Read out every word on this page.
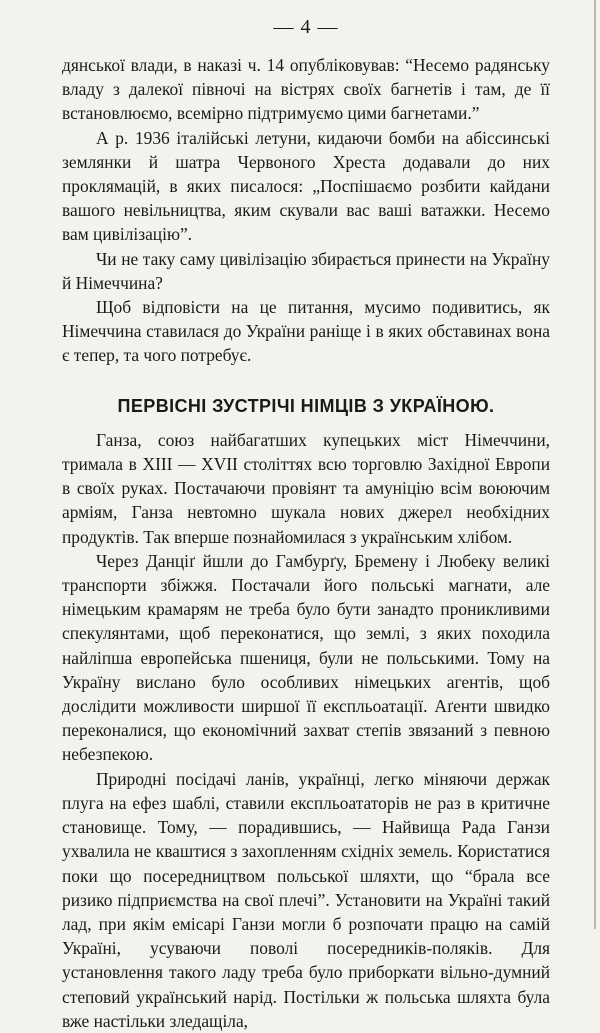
— 4 —

дянської влади, в наказі ч. 14 опубліковував: “Несемо радянську владу з далекої півночі на вістрях своїх багнетів і там, де її встановлюємо, всемірно підтримуємо цими багнетами.”

А р. 1936 італійські летуни, кидаючи бомби на абіссинські землянки й шатра Червоного Хреста додавали до них проклямацій, в яких писалося: „Поспішаємо розбити кайдани вашого невільництва, яким скували вас ваші ватажки. Несемо вам цивілізацію”.

Чи не таку саму цивілізацію збирається принести на Україну й Німеччина?

Щоб відповісти на це питання, мусимо подивитись, як Німеччина ставилася до України раніще і в яких обставинах вона є тепер, та чого потребує.

ПЕРВІСНІ ЗУСТРІЧІ НІМЦІВ З УКРАЇНОЮ.

Ганза, союз найбагатших купецьких міст Німеччини, тримала в XIII — XVII століттях всю торговлю Західної Европи в своїх руках. Постачаючи провіянт та амуніцію всім воюючим арміям, Ганза невтомно шукала нових джерел необхідних продуктів. Так вперше познайомилася з українським хлібом.

Через Данціґ йшли до Гамбурґу, Бремену і Любеку великі транспорти збіжжя. Постачали його польські магнати, але німецьким крамарям не треба було бути занадто проникливими спекулянтами, щоб переконатися, що землі, з яких походила найліпша европейська пшениця, були не польськими. Тому на Україну вислано було особливих німецьких агентів, щоб дослідити можливости ширшої її експльоатації. Аґенти швидко переконалися, що економічний захват степів звязаний з певною небезпекою.

Природні посідачі ланів, українці, легко міняючи держак плуга на ефез шаблі, ставили експльоататорів не раз в критичне становище. Тому, — порадившись, — Найвища Рада Ганзи ухвалила не кваштися з захопленням східніх земель. Користатися поки що посередництвом польської шляхти, що “брала все ризико підприємства на свої плечі”. Установити на Україні такий лад, при якім емісарі Ганзи могли б розпочати працю на самій Україні, усуваючи поволі посередників-поляків. Для установлення такого ладу треба було приборкати вільно-думний степовий український нарід. Постільки ж польська шляхта була вже настільки зледащіла,
